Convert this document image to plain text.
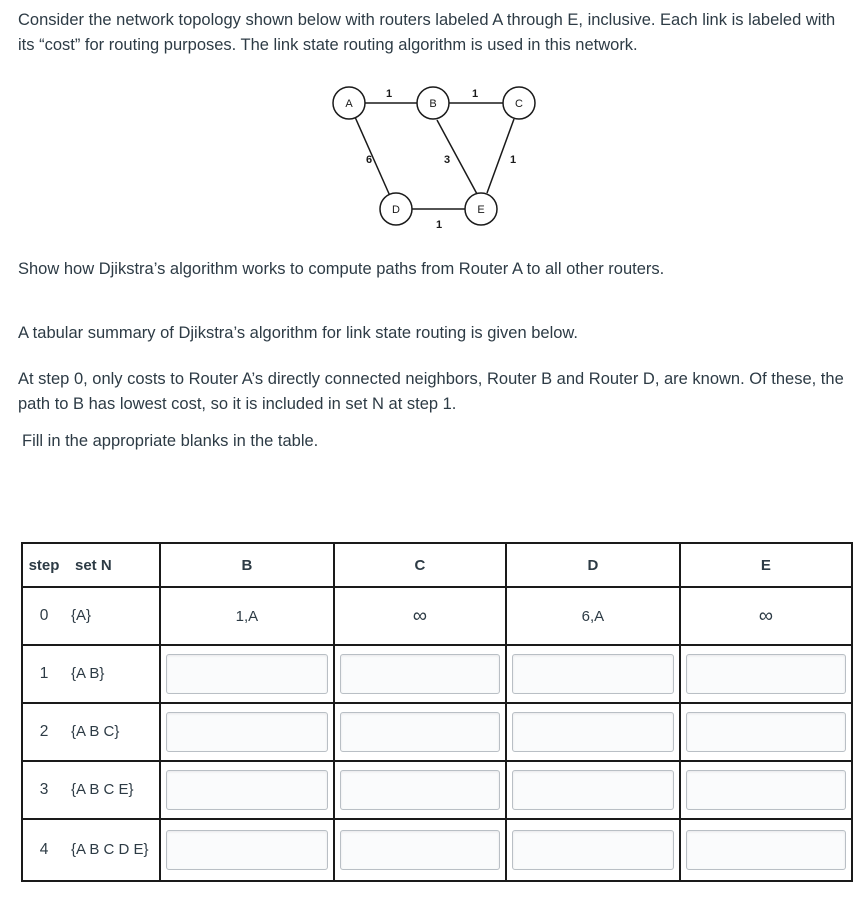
Consider the network topology shown below with routers labeled A through E, inclusive. Each link is labeled with its “cost” for routing purposes. The link state routing algorithm is used in this network.

1	1
6	3	1
1
A	B	C
D	E

Show how Djikstra’s algorithm works to compute paths from Router A to all other routers.

A tabular summary of Djikstra’s algorithm for link state routing is given below.

At step 0, only costs to Router A’s directly connected neighbors, Router B and Router D, are known. Of these, the path to B has lowest cost, so it is included in set N at step 1.

Fill in the appropriate blanks in the table.

step	set N	B	C	D	E
0	{A}	1,A	∞	6,A	∞
1	{A B}	

2	{A B C}	

3	{A B C E}	

4	{A B C D E}	
